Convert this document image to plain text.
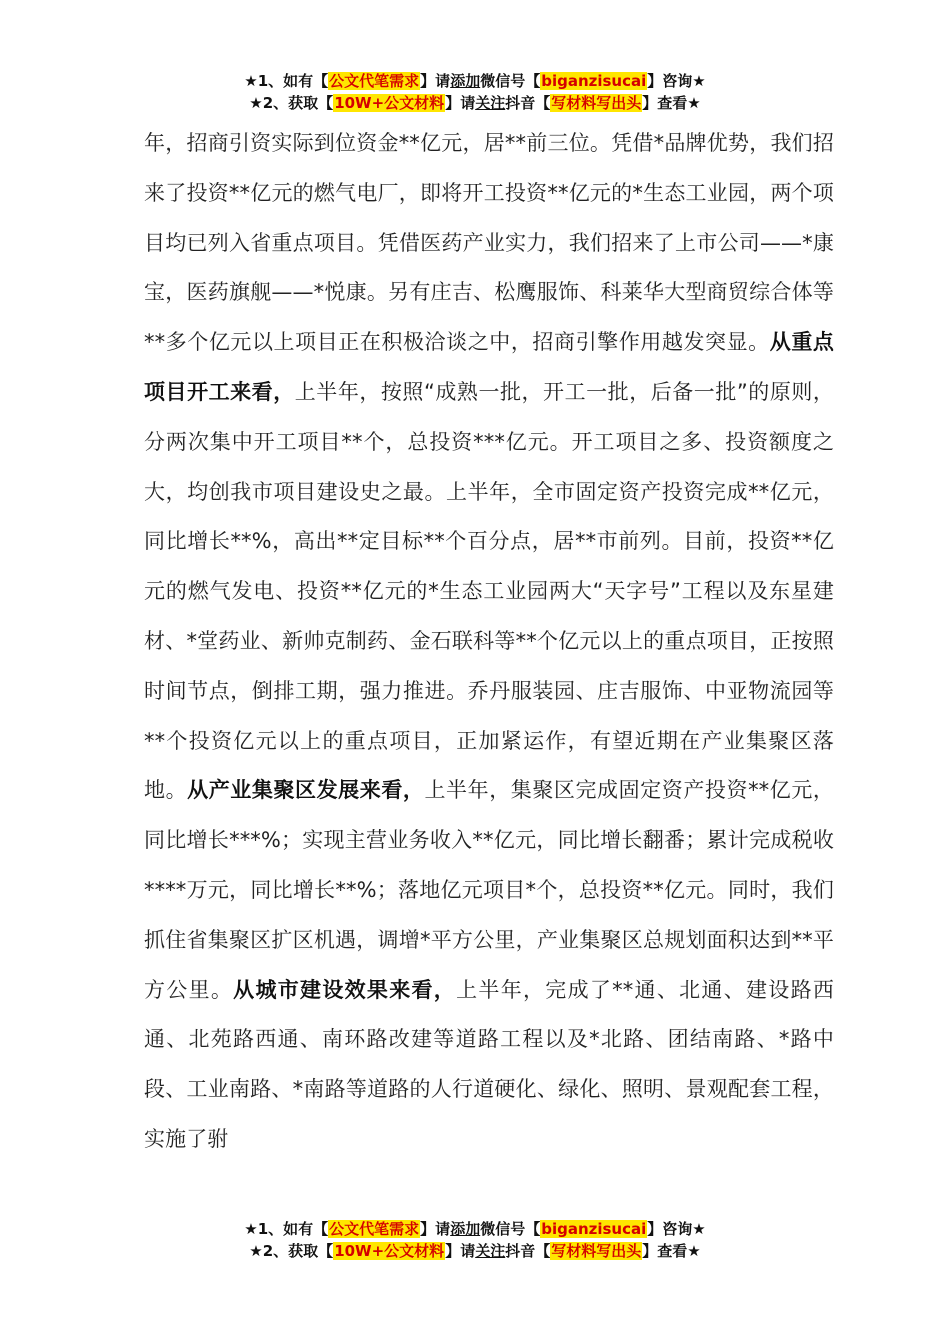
★1、如有【公文代笔需求】请添加微信号【biganzisucai】咨询★
★2、获取【10W+公文材料】请关注抖音【写材料写出头】查看★

年，招商引资实际到位资金**亿元，居**前三位。凭借*品牌优势，我们招来了投资**亿元的燃气电厂，即将开工投资**亿元的*生态工业园，两个项目均已列入省重点项目。凭借医药产业实力，我们招来了上市公司——*康宝，医药旗舰——*悦康。另有庄吉、松鹰服饰、科莱华大型商贸综合体等**多个亿元以上项目正在积极洽谈之中，招商引擎作用越发突显。从重点项目开工来看，上半年，按照“成熟一批，开工一批，后备一批”的原则，分两次集中开工项目**个，总投资***亿元。开工项目之多、投资额度之大，均创我市项目建设史之最。上半年，全市固定资产投资完成**亿元，同比增长**%，高出**定目标**个百分点，居**市前列。目前，投资**亿元的燃气发电、投资**亿元的*生态工业园两大“天字号”工程以及东星建材、*堂药业、新帅克制药、金石联科等**个亿元以上的重点项目，正按照时间节点，倒排工期，强力推进。乔丹服装园、庄吉服饰、中亚物流园等**个投资亿元以上的重点项目，正加紧运作，有望近期在产业集聚区落地。从产业集聚区发展来看，上半年，集聚区完成固定资产投资**亿元，同比增长***%；实现主营业务收入**亿元，同比增长翻番；累计完成税收****万元，同比增长**%；落地亿元项目*个，总投资**亿元。同时，我们抓住省集聚区扩区机遇，调增*平方公里，产业集聚区总规划面积达到**平方公里。从城市建设效果来看，上半年，完成了**通、北通、建设路西通、北苑路西通、南环路改建等道路工程以及*北路、团结南路、*路中段、工业南路、*南路等道路的人行道硬化、绿化、照明、景观配套工程，实施了驸

★1、如有【公文代笔需求】请添加微信号【biganzisucai】咨询★
★2、获取【10W+公文材料】请关注抖音【写材料写出头】查看★
